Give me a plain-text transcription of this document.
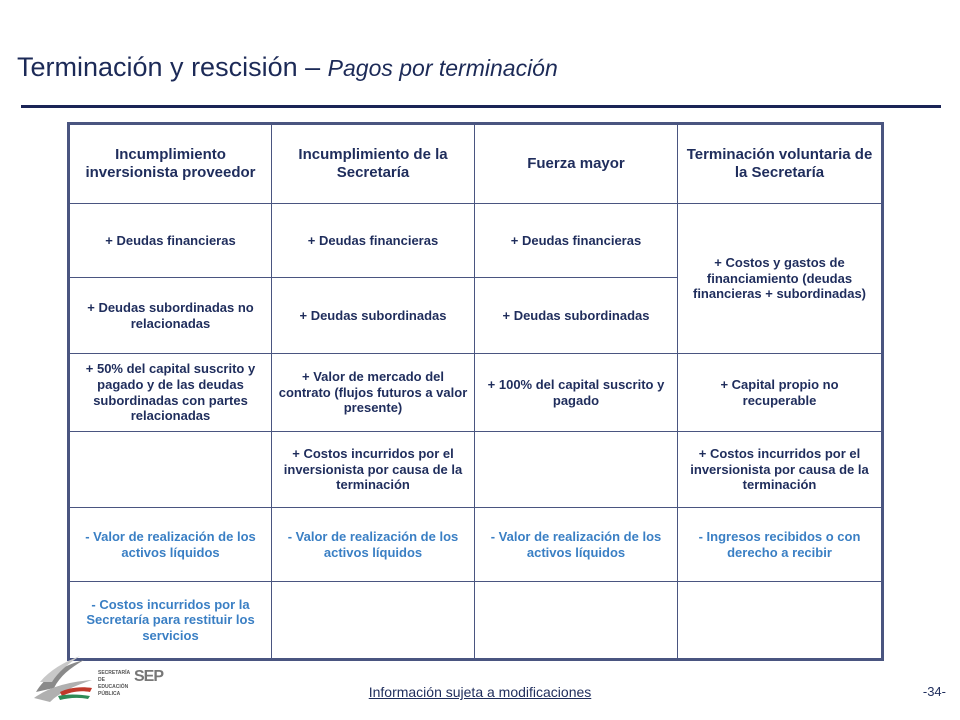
Terminación y rescisión – Pagos por terminación
Incumplimiento inversionista proveedor	Incumplimiento de la Secretaría	Fuerza mayor	Terminación voluntaria de la Secretaría
+ Deudas financieras	+ Deudas financieras	+ Deudas financieras	+ Costos y gastos de financiamiento (deudas financieras + subordinadas)
+ Deudas subordinadas no relacionadas	+ Deudas subordinadas	+ Deudas subordinadas	
+ 50% del capital suscrito y pagado y de las deudas subordinadas con partes relacionadas	+ Valor de mercado del contrato (flujos futuros a valor presente)	+ 100% del capital suscrito y pagado	+ Capital propio no recuperable
	+ Costos incurridos por el inversionista por causa de la terminación		+ Costos incurridos por el inversionista por causa de la terminación
- Valor de realización de los activos líquidos	- Valor de realización de los activos líquidos	- Valor de realización de los activos líquidos	- Ingresos recibidos o con derecho a recibir
- Costos incurridos por la Secretaría para restituir los servicios			
SECRETARÍA DE
EDUCACIÓN
PÚBLICA
SEP
Información sujeta a modificaciones	-34-
